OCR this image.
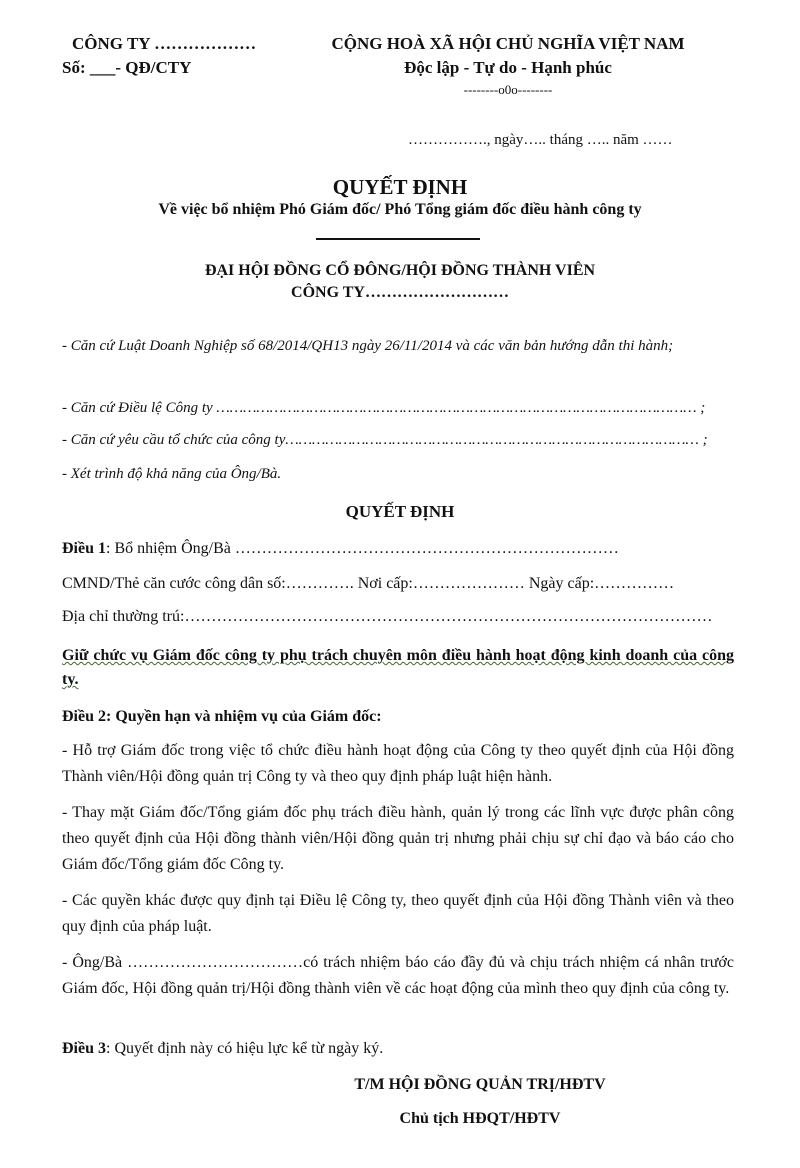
CÔNG TY ………………
Số: ___- QĐ/CTY
CỘNG HOÀ XÃ HỘI CHỦ NGHĨA VIỆT NAM
Độc lập - Tự do - Hạnh phúc
--------o0o--------
……………., ngày….. tháng ….. năm ……
QUYẾT ĐỊNH
Về việc bổ nhiệm Phó Giám đốc/ Phó Tổng giám đốc điều hành công ty
ĐẠI HỘI ĐỒNG CỔ ĐÔNG/HỘI ĐỒNG THÀNH VIÊN
CÔNG TY………………………
- Căn cứ Luật Doanh Nghiệp số 68/2014/QH13 ngày 26/11/2014 và các văn bản hướng dẫn thi hành;
- Căn cứ Điều lệ Công ty ……………………………………………………………………………………………… ;
- Căn cứ yêu cầu tổ chức của công ty………………………………………………………………………………… ;
- Xét trình độ khả năng của Ông/Bà.
QUYẾT ĐỊNH
Điều 1: Bổ nhiệm Ông/Bà ………………………………………………………………
CMND/Thẻ căn cước công dân số:…………. Nơi cấp:………………… Ngày cấp:……………
Địa chỉ thường trú:………………………………………………………………………………………
Giữ chức vụ Giám đốc công ty phụ trách chuyên môn điều hành hoạt động kinh doanh của công ty.
Điều 2: Quyền hạn và nhiệm vụ của Giám đốc:
- Hỗ trợ Giám đốc trong việc tổ chức điều hành hoạt động của Công ty theo quyết định của Hội đồng Thành viên/Hội đồng quản trị Công ty và theo quy định pháp luật hiện hành.
- Thay mặt Giám đốc/Tổng giám đốc phụ trách điều hành, quản lý trong các lĩnh vực được phân công theo quyết định của Hội đồng thành viên/Hội đồng quản trị nhưng phải chịu sự chỉ đạo và báo cáo cho Giám đốc/Tổng giám đốc Công ty.
- Các quyền khác được quy định tại Điều lệ Công ty, theo quyết định của Hội đồng Thành viên và theo quy định của pháp luật.
- Ông/Bà ……………………………có trách nhiệm báo cáo đầy đủ và chịu trách nhiệm cá nhân trước Giám đốc, Hội đồng quản trị/Hội đồng thành viên về các hoạt động của mình theo quy định của công ty.
Điều 3: Quyết định này có hiệu lực kể từ ngày ký.
T/M HỘI ĐỒNG QUẢN TRỊ/HĐTV
Chủ tịch HĐQT/HĐTV
